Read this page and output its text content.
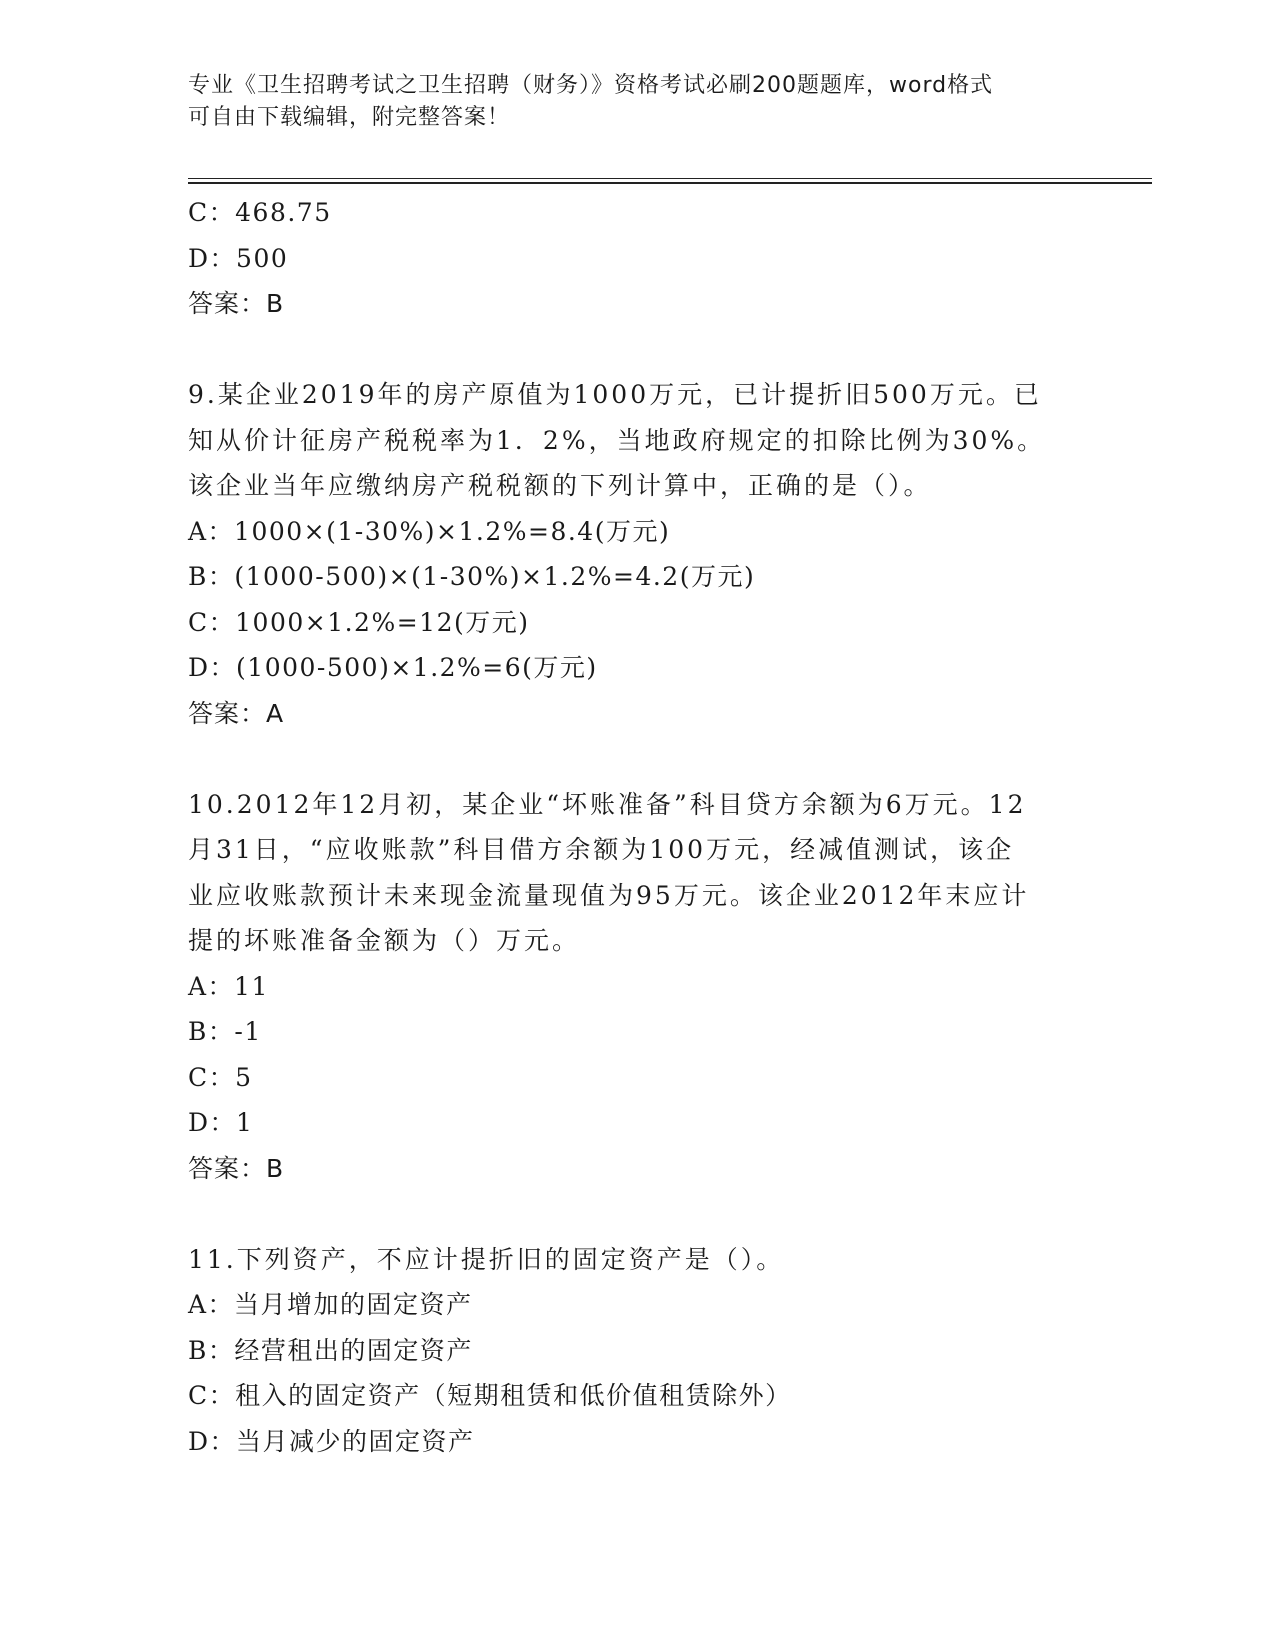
专业《卫生招聘考试之卫生招聘（财务）》资格考试必刷200题题库，word格式
可自由下载编辑，附完整答案！
C：468.75
D：500
答案：B
9.某企业2019年的房产原值为1000万元，已计提折旧500万元。已
知从价计征房产税税率为1．2%，当地政府规定的扣除比例为30%。
该企业当年应缴纳房产税税额的下列计算中，正确的是（）。
A：1000×(1-30%)×1.2%=8.4(万元)
B：(1000-500)×(1-30%)×1.2%=4.2(万元)
C：1000×1.2%=12(万元)
D：(1000-500)×1.2%=6(万元)
答案：A
10.2012年12月初，某企业“坏账准备”科目贷方余额为6万元。12
月31日，“应收账款”科目借方余额为100万元，经减值测试，该企
业应收账款预计未来现金流量现值为95万元。该企业2012年末应计
提的坏账准备金额为（）万元。
A：11
B：-1
C：5
D：1
答案：B
11.下列资产，不应计提折旧的固定资产是（）。
A：当月增加的固定资产
B：经营租出的固定资产
C：租入的固定资产（短期租赁和低价值租赁除外）
D：当月减少的固定资产
